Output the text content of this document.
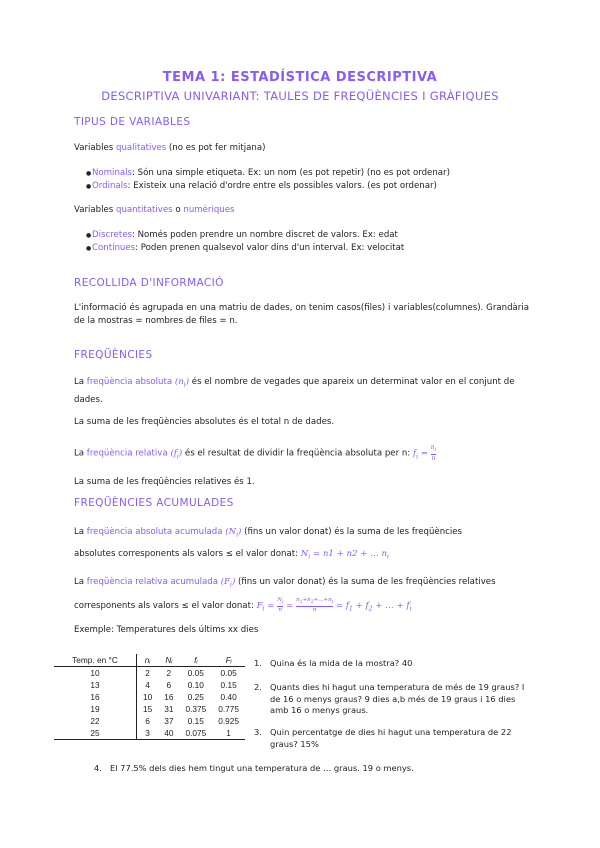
TEMA 1: ESTADÍSTICA DESCRIPTIVA
DESCRIPTIVA UNIVARIANT: TAULES DE FREQÜÈNCIES I GRÀFIQUES
TIPUS DE VARIABLES
Variables qualitatives (no es pot fer mitjana)
● Nominals: Són una simple etiqueta. Ex: un nom (es pot repetir) (no es pot ordenar)
● Ordinals: Existeix una relació d'ordre entre els possibles valors. (es pot ordenar)
Variables quantitatives o numèriques
● Discretes: Només poden prendre un nombre discret de valors. Ex: edat
● Contínues: Poden prenen qualsevol valor dins d'un interval. Ex: velocitat
RECOLLIDA D'INFORMACIÓ
L'informació és agrupada en una matriu de dades, on tenim casos(files) i variables(columnes). Grandària de la mostras = nombres de files = n.
FREQÜÈNCIES
La freqüència absoluta $(n_i)$ és el nombre de vegades que apareix un determinat valor en el conjunt de dades.
La suma de les freqüències absolutes és el total n de dades.
La freqüència relativa $(f_i)$ és el resultat de dividir la freqüència absoluta per n: $f_i = \frac{n_i}{n}$
La suma de les freqüències relatives és 1.
FREQÜÈNCIES ACUMULADES
La freqüència absoluta acumulada $(N_i)$ (fins un valor donat) és la suma de les freqüències
absolutes corresponents als valors ≤ el valor donat: $N_i = n1 + n2$ + … $n_i$
La freqüència relativa acumulada $(F_i)$ (fins un valor donat) és la suma de les freqüències relatives
corresponents als valors ≤ el valor donat: $F_i = \frac{N_i}{n} = \frac{n_1+n_2+...+n_i}{n} = f_1 + f_2$ + … + $f_i$
Exemple: Temperatures dels últims xx dies
Temp. en °C	nᵢ	Nᵢ	fᵢ	Fᵢ
10	2	2	0.05	0.05
13	4	6	0.10	0.15
16	10	16	0.25	0.40
19	15	31	0.375	0.775
22	6	37	0.15	0.925
25	3	40	0.075	1
1. Quina és la mida de la mostra? 40
2. Quants dies hi hagut una temperatura de més de 19 graus? I de 16 o menys graus? 9 dies a,b més de 19 graus i 16 dies amb 16 o menys graus.
3. Quin percentatge de dies hi hagut una temperatura de 22 graus? 15%
4. El 77.5% dels dies hem tingut una temperatura de … graus. 19 o menys.
